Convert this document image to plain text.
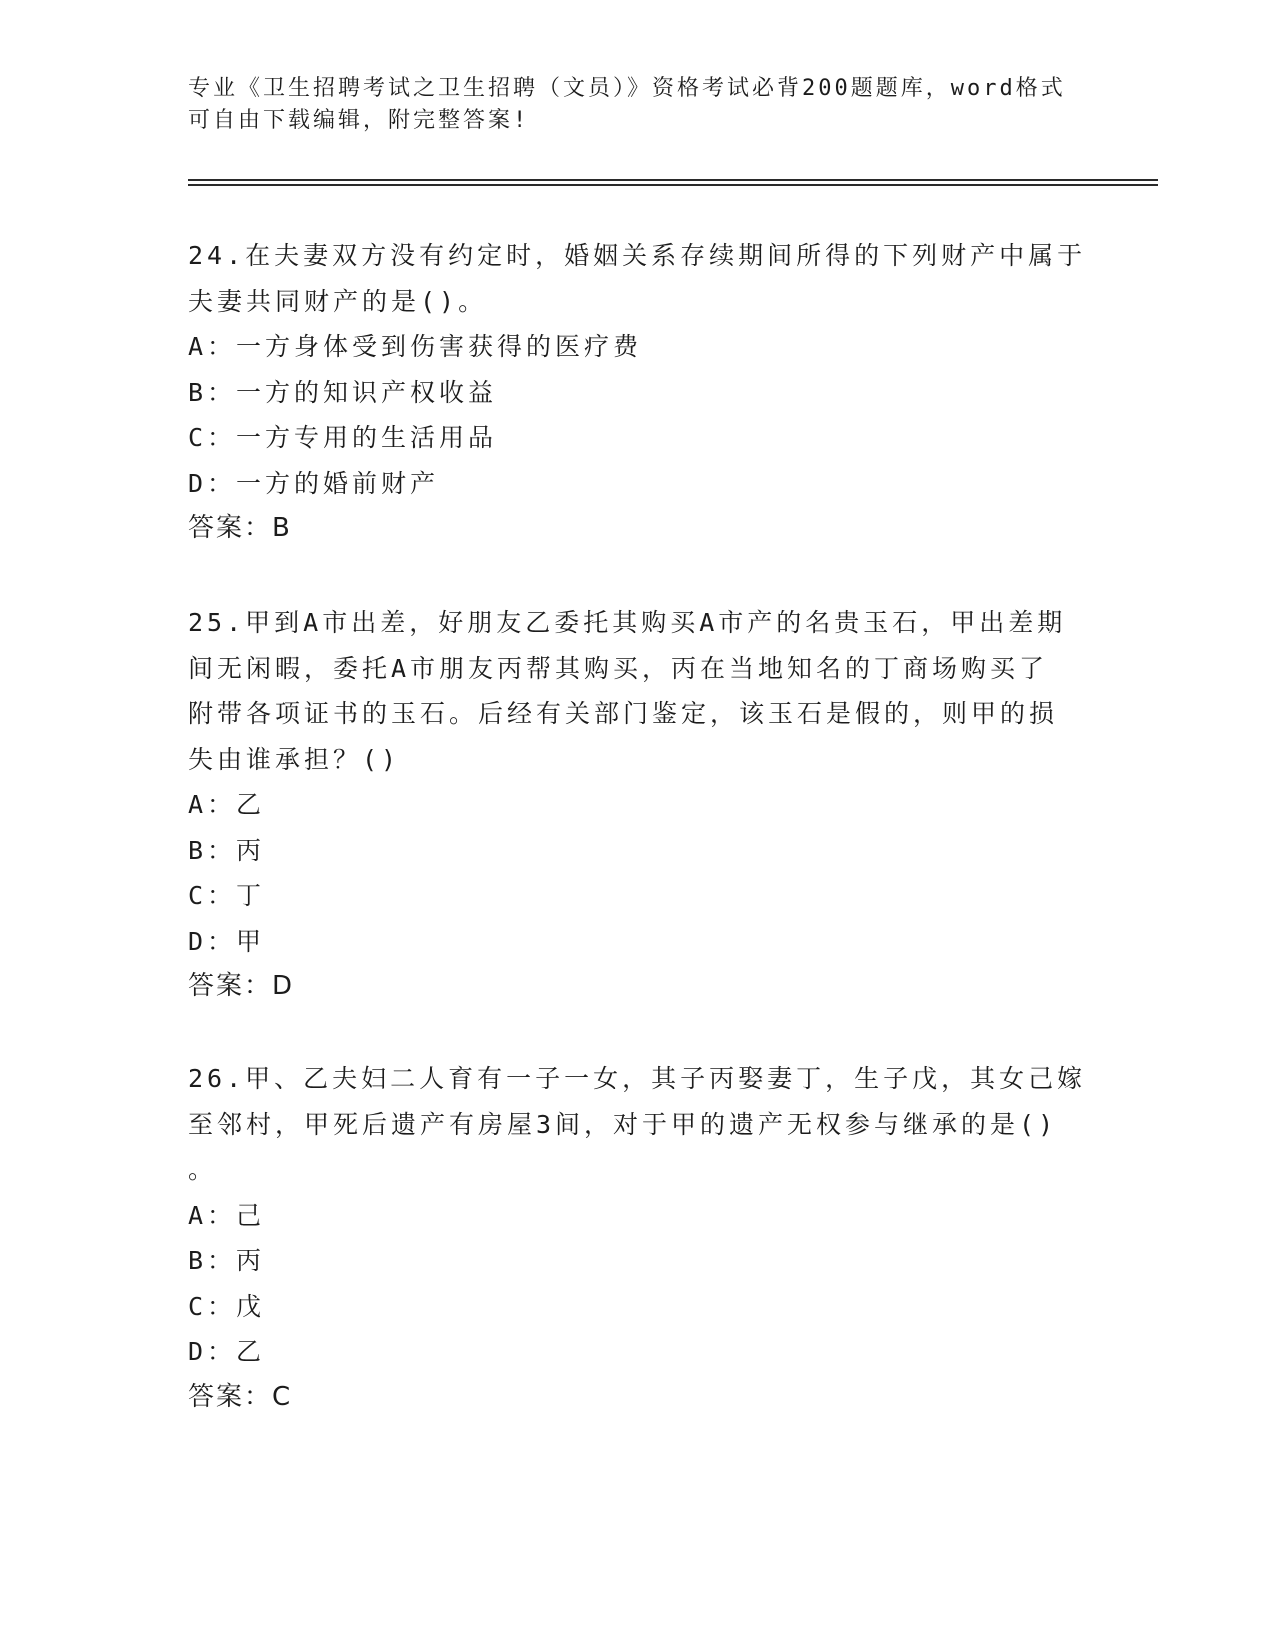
专业《卫生招聘考试之卫生招聘（文员）》资格考试必背200题题库，word格式
可自由下载编辑，附完整答案!
24.在夫妻双方没有约定时，婚姻关系存续期间所得的下列财产中属于
夫妻共同财产的是()。
A：一方身体受到伤害获得的医疗费
B：一方的知识产权收益
C：一方专用的生活用品
D：一方的婚前财产
答案：B
25.甲到A市出差，好朋友乙委托其购买A市产的名贵玉石，甲出差期
间无闲暇，委托A市朋友丙帮其购买，丙在当地知名的丁商场购买了
附带各项证书的玉石。后经有关部门鉴定，该玉石是假的，则甲的损
失由谁承担？()
A：乙
B：丙
C：丁
D：甲
答案：D
26.甲、乙夫妇二人育有一子一女，其子丙娶妻丁，生子戊，其女己嫁
至邻村，甲死后遗产有房屋3间，对于甲的遗产无权参与继承的是()
。
A：己
B：丙
C：戊
D：乙
答案：C
